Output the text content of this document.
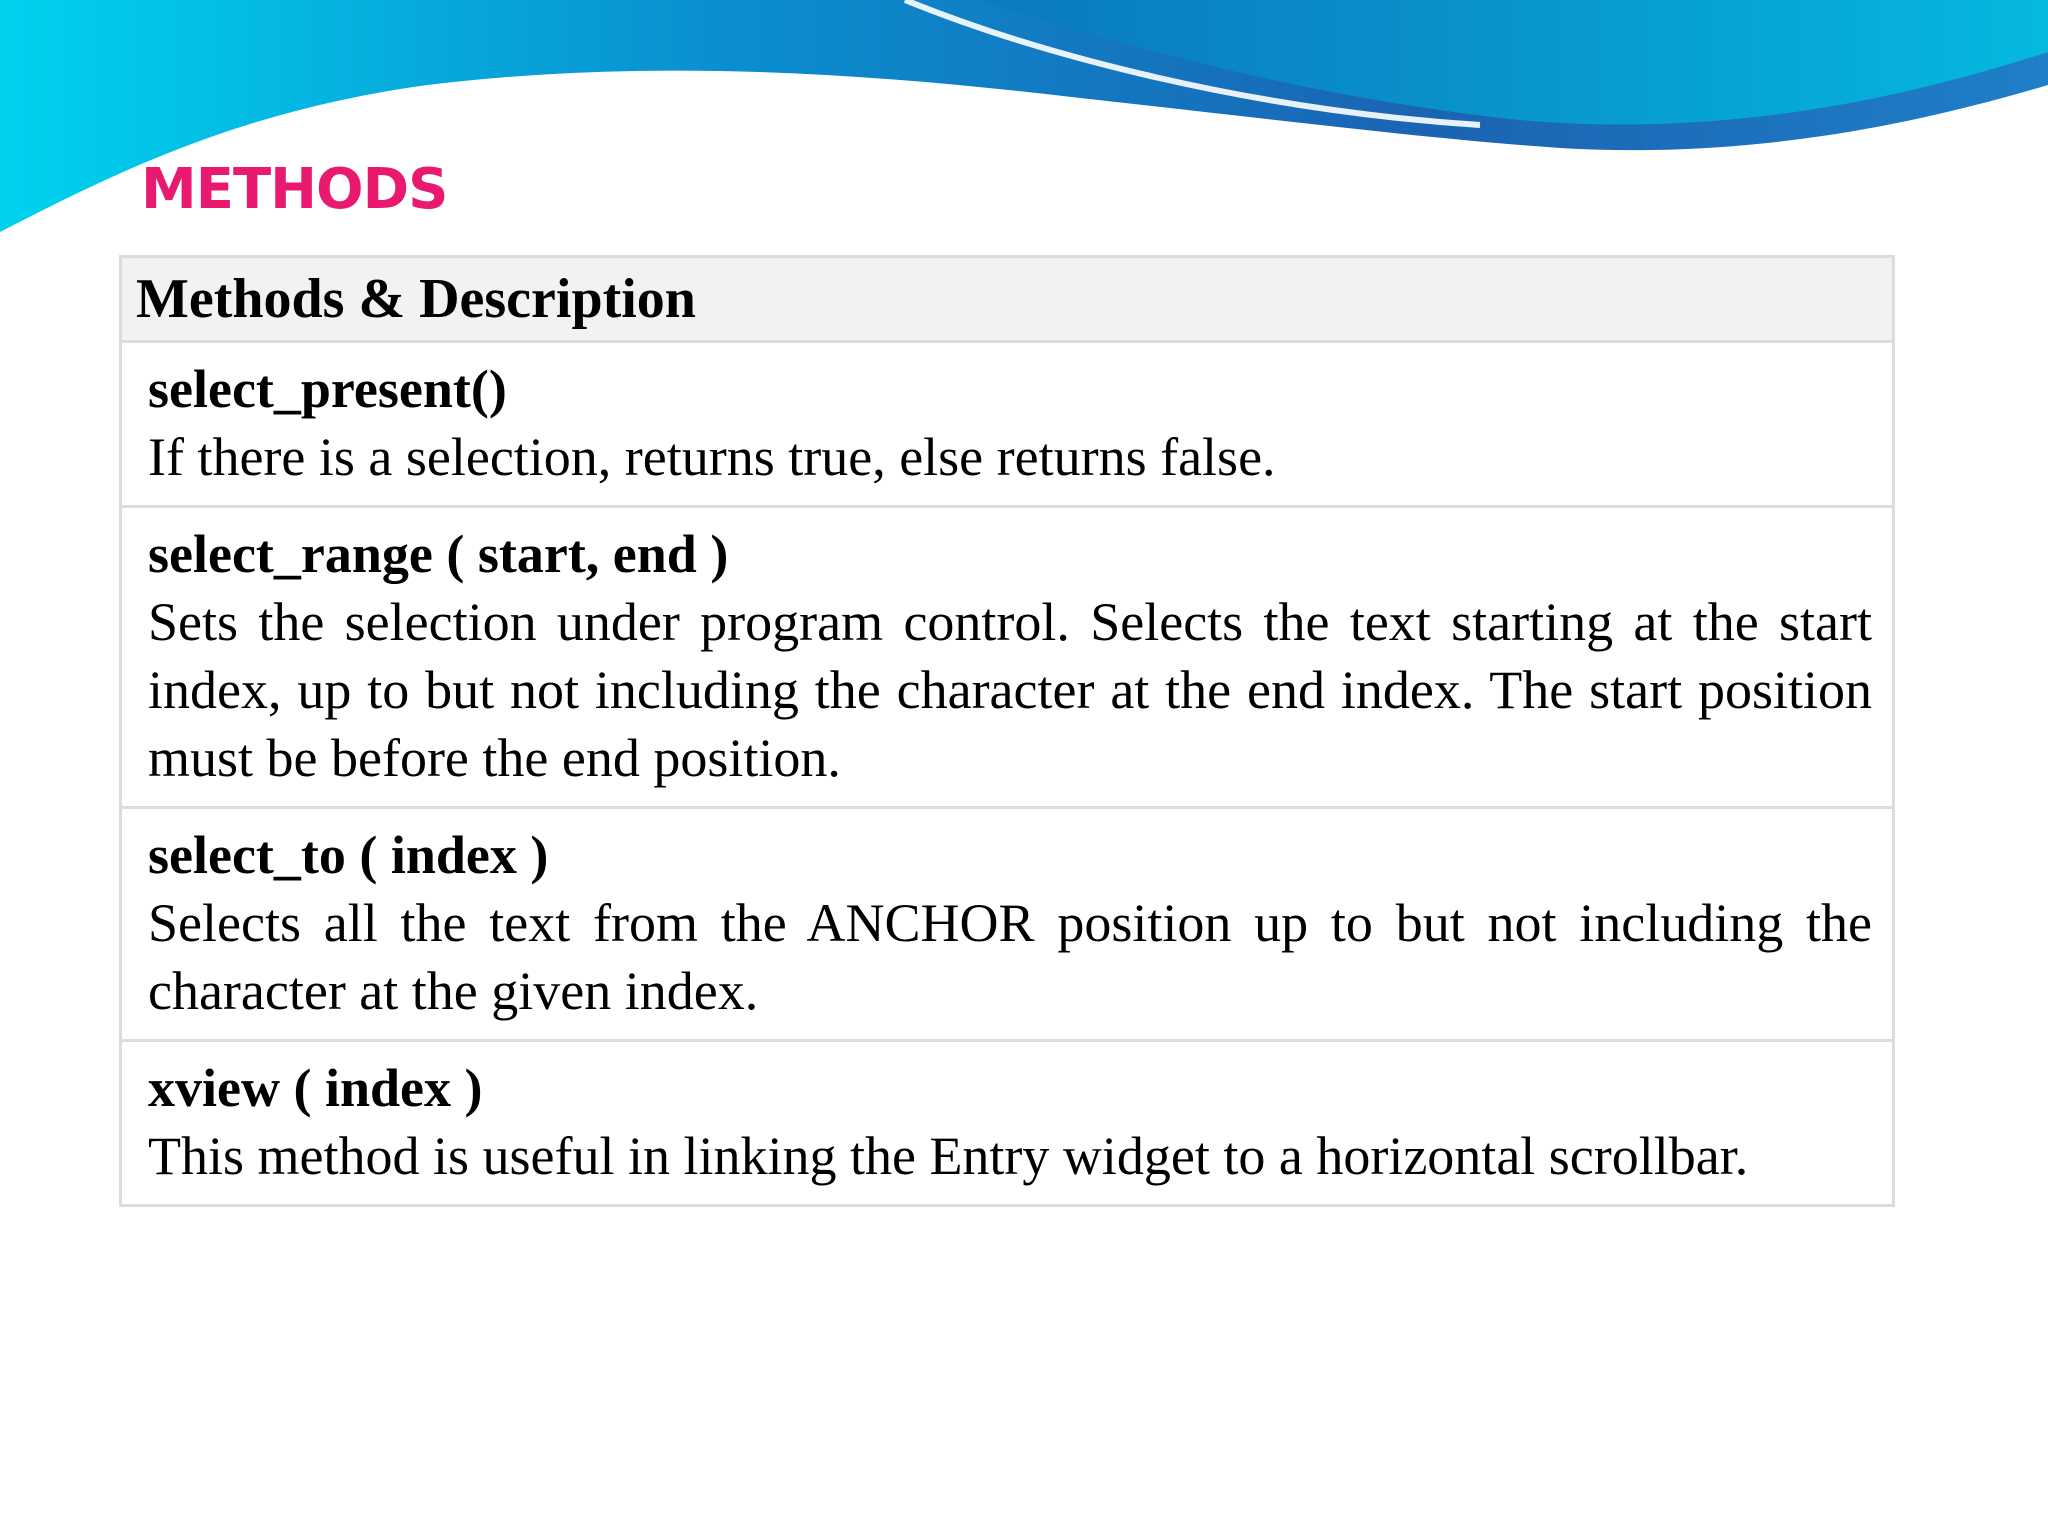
METHODS
Methods & Description

select_present()
If there is a selection, returns true, else returns false.

select_range ( start, end )
Sets the selection under program control. Selects the text starting at the start index, up to but not including the character at the end index. The start position must be before the end position.

select_to ( index )
Selects all the text from the ANCHOR position up to but not including the character at the given index.

xview ( index )
This method is useful in linking the Entry widget to a horizontal scrollbar.
